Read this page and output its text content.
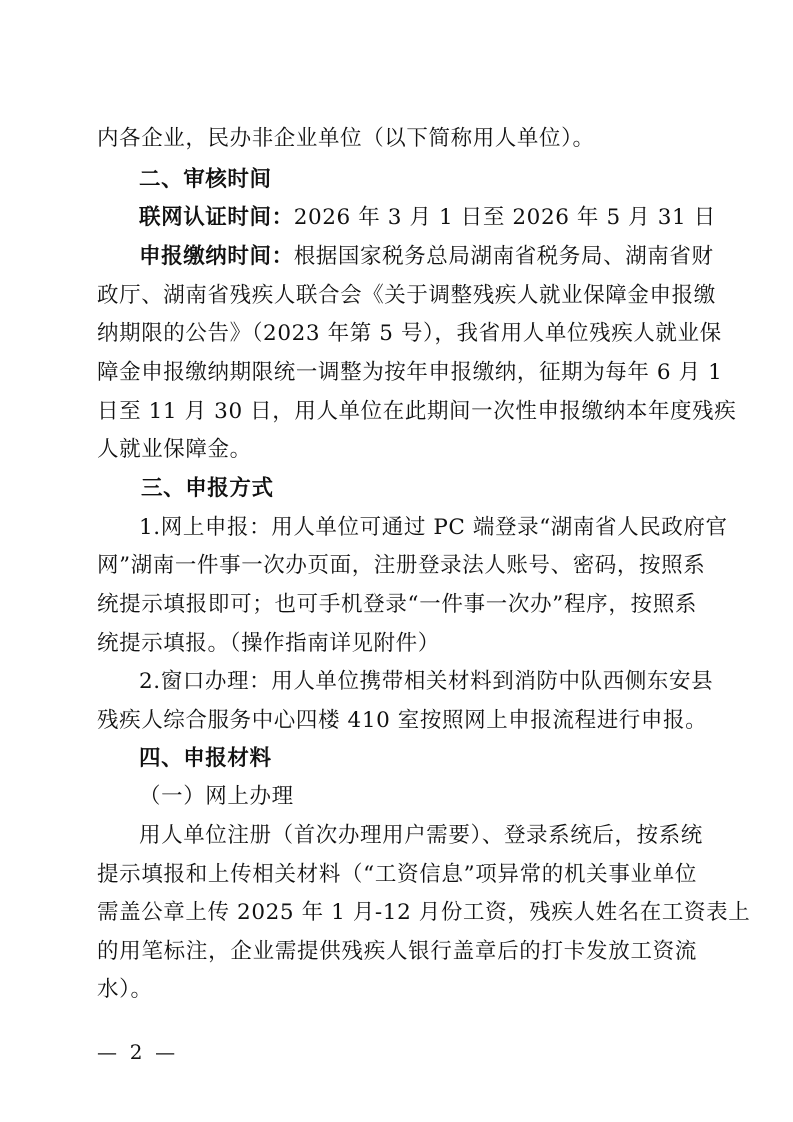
内各企业，民办非企业单位（以下简称用人单位）。
二、审核时间
联网认证时间：2026 年 3 月 1 日至 2026 年 5 月 31 日
申报缴纳时间：根据国家税务总局湖南省税务局、湖南省财
政厅、湖南省残疾人联合会《关于调整残疾人就业保障金申报缴
纳期限的公告》（2023 年第 5 号），我省用人单位残疾人就业保
障金申报缴纳期限统一调整为按年申报缴纳，征期为每年 6 月 1
日至 11 月 30 日，用人单位在此期间一次性申报缴纳本年度残疾
人就业保障金。
三、申报方式
1.网上申报：用人单位可通过 PC 端登录“湖南省人民政府官
网”湖南一件事一次办页面，注册登录法人账号、密码，按照系
统提示填报即可；也可手机登录“一件事一次办”程序，按照系
统提示填报。（操作指南详见附件）
2.窗口办理：用人单位携带相关材料到消防中队西侧东安县
残疾人综合服务中心四楼 410 室按照网上申报流程进行申报。
四、申报材料
（一）网上办理
用人单位注册（首次办理用户需要）、登录系统后，按系统
提示填报和上传相关材料（“工资信息”项异常的机关事业单位
需盖公章上传 2025 年 1 月-12 月份工资，残疾人姓名在工资表上
的用笔标注，企业需提供残疾人银行盖章后的打卡发放工资流
水）。
—  2  —
